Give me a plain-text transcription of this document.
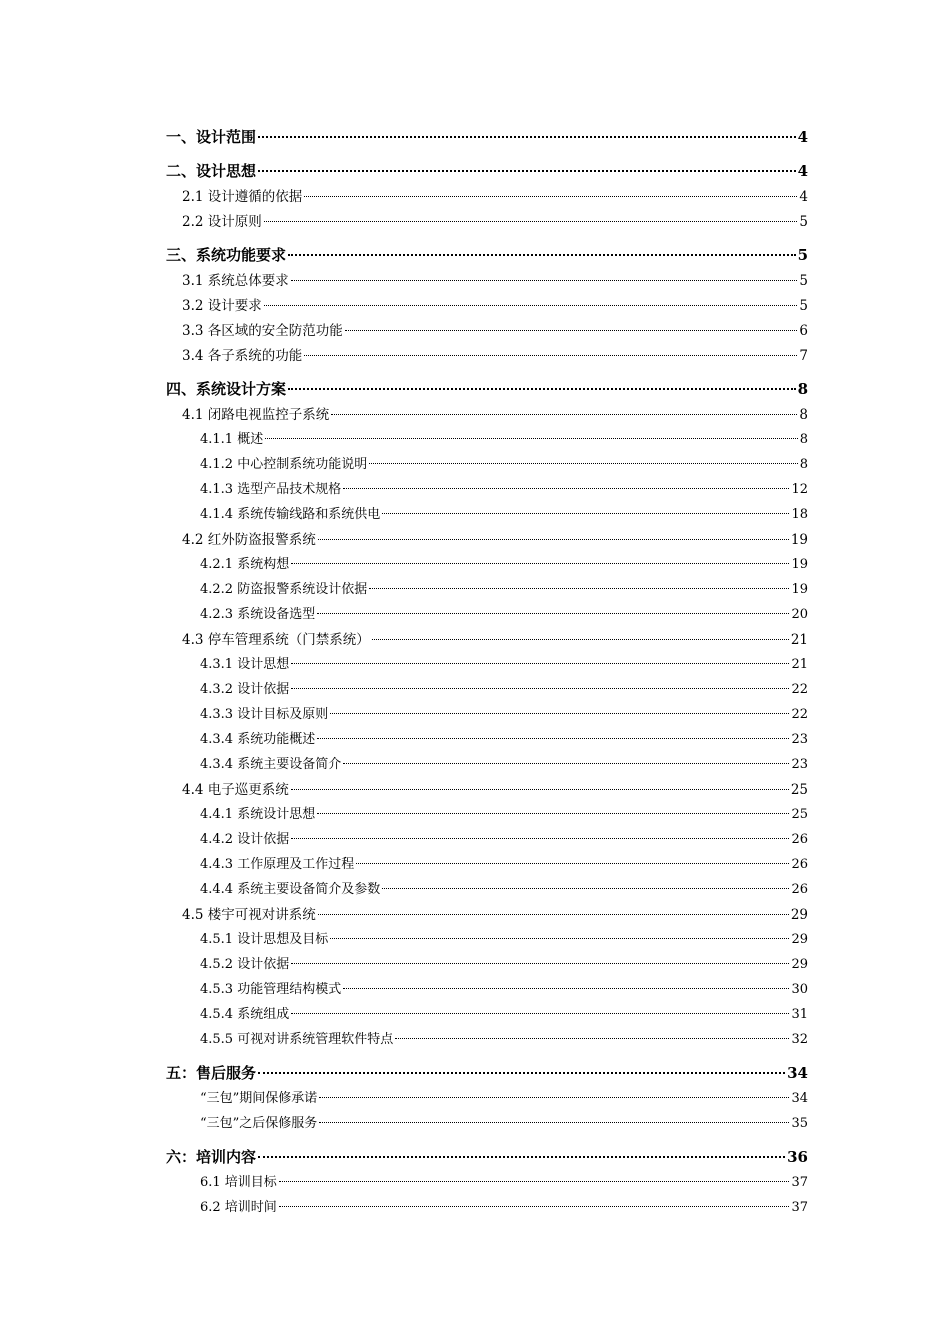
一、设计范围	4
二、设计思想	4
2.1 设计遵循的依据	4
2.2 设计原则	5
三、系统功能要求	5
3.1 系统总体要求	5
3.2 设计要求	5
3.3 各区域的安全防范功能	6
3.4 各子系统的功能	7
四、系统设计方案	8
4.1 闭路电视监控子系统	8
4.1.1 概述	8
4.1.2 中心控制系统功能说明	8
4.1.3 选型产品技术规格	12
4.1.4 系统传输线路和系统供电	18
4.2 红外防盗报警系统	19
4.2.1 系统构想	19
4.2.2 防盗报警系统设计依据	19
4.2.3 系统设备选型	20
4.3 停车管理系统（门禁系统）	21
4.3.1 设计思想	21
4.3.2 设计依据	22
4.3.3 设计目标及原则	22
4.3.4 系统功能概述	23
4.3.4 系统主要设备简介	23
4.4 电子巡更系统	25
4.4.1 系统设计思想	25
4.4.2 设计依据	26
4.4.3 工作原理及工作过程	26
4.4.4 系统主要设备简介及参数	26
4.5 楼宇可视对讲系统	29
4.5.1 设计思想及目标	29
4.5.2 设计依据	29
4.5.3 功能管理结构模式	30
4.5.4 系统组成	31
4.5.5 可视对讲系统管理软件特点	32
五：售后服务	34
“三包”期间保修承诺	34
“三包”之后保修服务	35
六：培训内容	36
6.1 培训目标	37
6.2 培训时间	37
